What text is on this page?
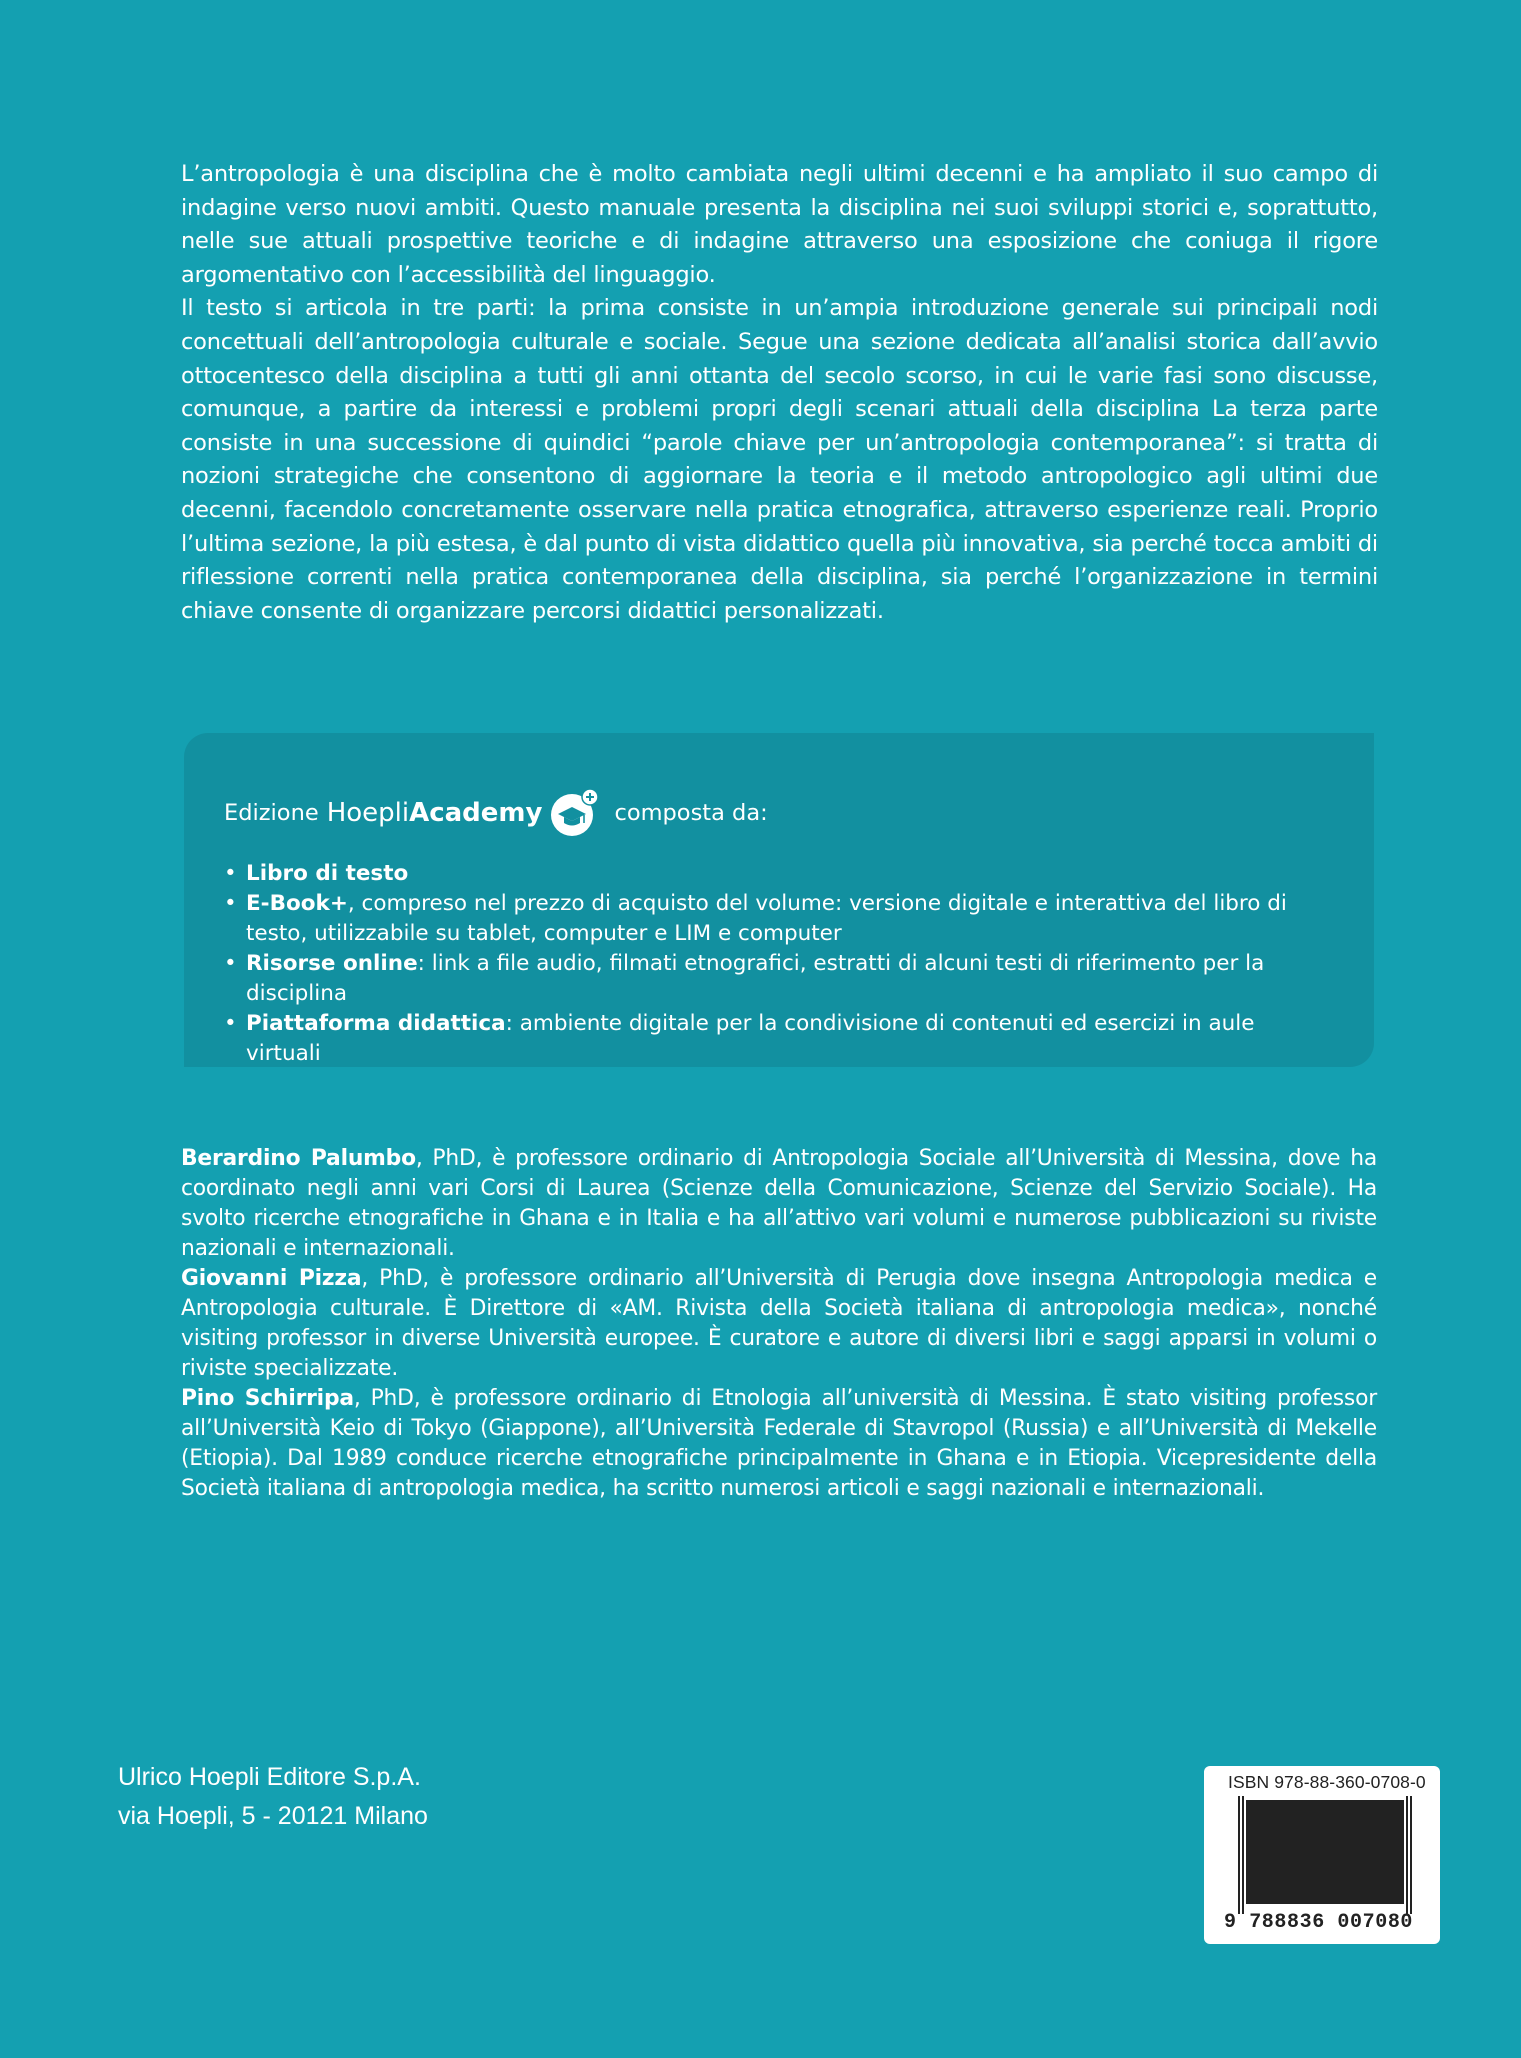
L’antropologia è una disciplina che è molto cambiata negli ultimi decenni e ha ampliato il suo campo di indagine verso nuovi ambiti. Questo manuale presenta la disciplina nei suoi sviluppi storici e, soprattutto, nelle sue attuali prospettive teoriche e di indagine attraverso una esposizione che coniuga il rigore argomentativo con l’accessibilità del linguaggio.

Il testo si articola in tre parti: la prima consiste in un’ampia introduzione generale sui principali nodi concettuali dell’antropologia culturale e sociale. Segue una sezione dedicata all’analisi storica dall’avvio ottocentesco della disciplina a tutti gli anni ottanta del secolo scorso, in cui le varie fasi sono discusse, comunque, a partire da interessi e problemi propri degli scenari attuali della disciplina La terza parte consiste in una successione di quindici “parole chiave per un’antropologia contemporanea”: si tratta di nozioni strategiche che consentono di aggiornare la teoria e il metodo antropologico agli ultimi due decenni, facendolo concretamente osservare nella pratica etnografica, attraverso esperienze reali. Proprio l’ultima sezione, la più estesa, è dal punto di vista didattico quella più innovativa, sia perché tocca ambiti di riflessione correnti nella pratica contemporanea della disciplina, sia perché l’organizzazione in termini chiave consente di organizzare percorsi didattici personalizzati.

Edizione HoepliAcademy	composta da:
• Libro di testo
• E-Book+, compreso nel prezzo di acquisto del volume: versione digitale e interattiva del libro di testo, utilizzabile su tablet, computer e LIM e computer
• Risorse online: link a file audio, filmati etnografici, estratti di alcuni testi di riferimento per la disciplina
• Piattaforma didattica: ambiente digitale per la condivisione di contenuti ed esercizi in aule virtuali

Berardino Palumbo, PhD, è professore ordinario di Antropologia Sociale all’Università di Messina, dove ha coordinato negli anni vari Corsi di Laurea (Scienze della Comunicazione, Scienze del Servizio Sociale). Ha svolto ricerche etnografiche in Ghana e in Italia e ha all’attivo vari volumi e numerose pubblicazioni su riviste nazionali e internazionali.

Giovanni Pizza, PhD, è professore ordinario all’Università di Perugia dove insegna Antropologia medica e Antropologia culturale. È Direttore di «AM. Rivista della Società italiana di antropologia medica», nonché visiting professor in diverse Università europee. È curatore e autore di diversi libri e saggi apparsi in volumi o riviste specializzate.

Pino Schirripa, PhD, è professore ordinario di Etnologia all’università di Messina. È stato visiting professor all’Università Keio di Tokyo (Giappone), all’Università Federale di Stavropol (Russia) e all’Università di Mekelle (Etiopia). Dal 1989 conduce ricerche etnografiche principalmente in Ghana e in Etiopia. Vicepresidente della Società italiana di antropologia medica, ha scritto numerosi articoli e saggi nazionali e internazionali.

Ulrico Hoepli Editore S.p.A.
via Hoepli, 5 - 20121 Milano
ISBN 978-88-360-0708-0
9 788836 007080
